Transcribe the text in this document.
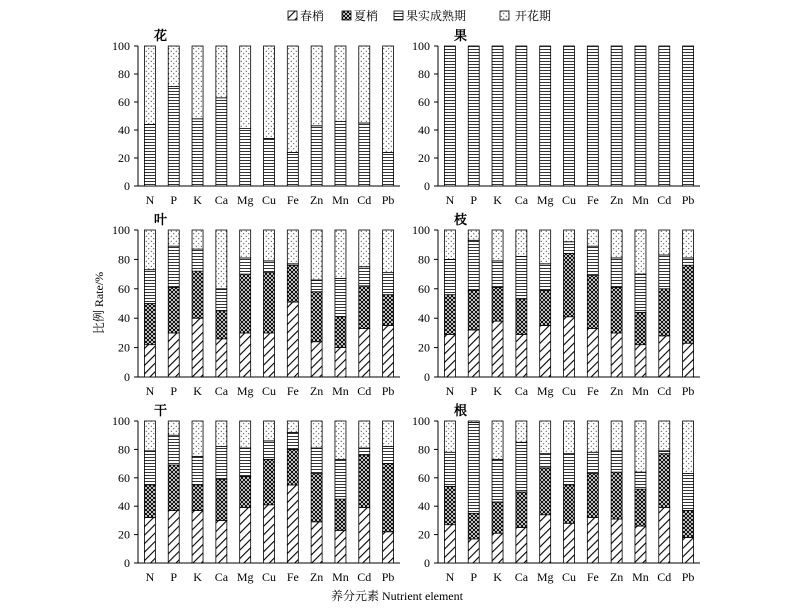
春梢 夏梢 果实成熟期	开花期
0
20
40
60
80
100
花
N P K Ca Mg Cu Fe Zn Mn Cd Pb
0
20
40
60
80
100
果
N P K Ca Mg Cu Fe Zn Mn Cd Pb
0
20
40
60
80
100
叶
N P K Ca Mg Cu Fe Zn Mn Cd Pb
0
20
40
60
80
100
枝
N P K Ca Mg Cu Fe Zn Mn Cd Pb
0
20
40
60
80
100
干
N P K Ca Mg Cu Fe Zn Mn Cd Pb
0
20
40
60
80
100
根
N P K Ca Mg Cu Fe Zn Mn Cd Pb
比例 Rate/%
养分元素 Nutrient element
